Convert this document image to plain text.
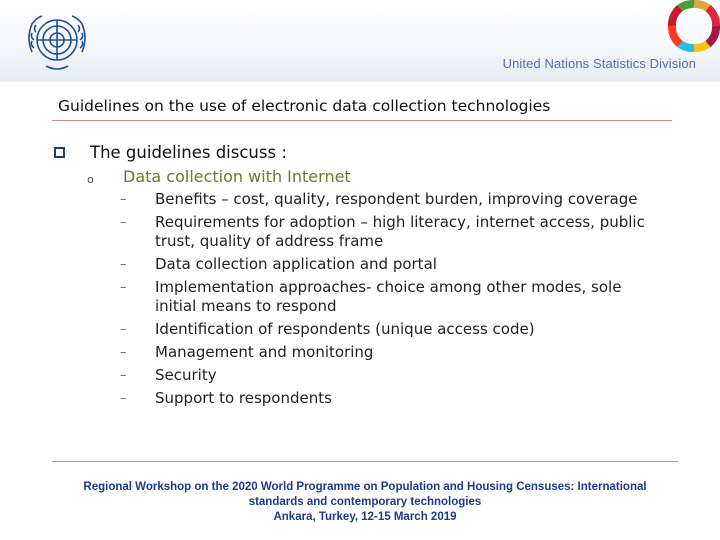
United Nations Statistics Division
Guidelines on the use of electronic data collection technologies
The guidelines discuss :
o Data collection with Internet
–	Benefits – cost, quality, respondent burden, improving coverage
–	Requirements for adoption – high literacy, internet access, public trust, quality of address frame
–	Data collection application and portal
–	Implementation approaches- choice among other modes, sole initial means to respond
–	Identification of respondents (unique access code)
–	Management and monitoring
–	Security
–	Support to respondents
Regional Workshop on the 2020 World Programme on Population and Housing Censuses: International
standards and contemporary technologies
Ankara, Turkey, 12-15 March 2019
